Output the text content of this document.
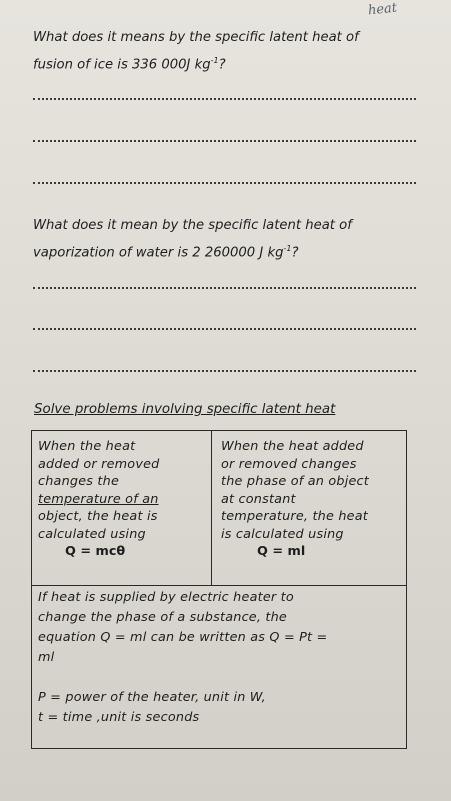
heat
What does it means by the specific latent heat of
fusion of ice is 336 000J $kg^{-1}$?
What does it mean by the specific latent heat of
vaporization of water is 2 260000 J $kg^{-1}$?
Solve problems involving specific latent heat
When the heat
added or removed
changes the
temperature of an
object, the heat is
calculated using
Q = mcθ
When the heat added
or removed changes
the phase of an object
at constant
temperature, the heat
is calculated using
Q = ml
If heat is supplied by electric heater to
change the phase of a substance, the
equation Q = ml can be written as Q = Pt =
ml
P = power of the heater, unit in W,
t = time ,unit is seconds
